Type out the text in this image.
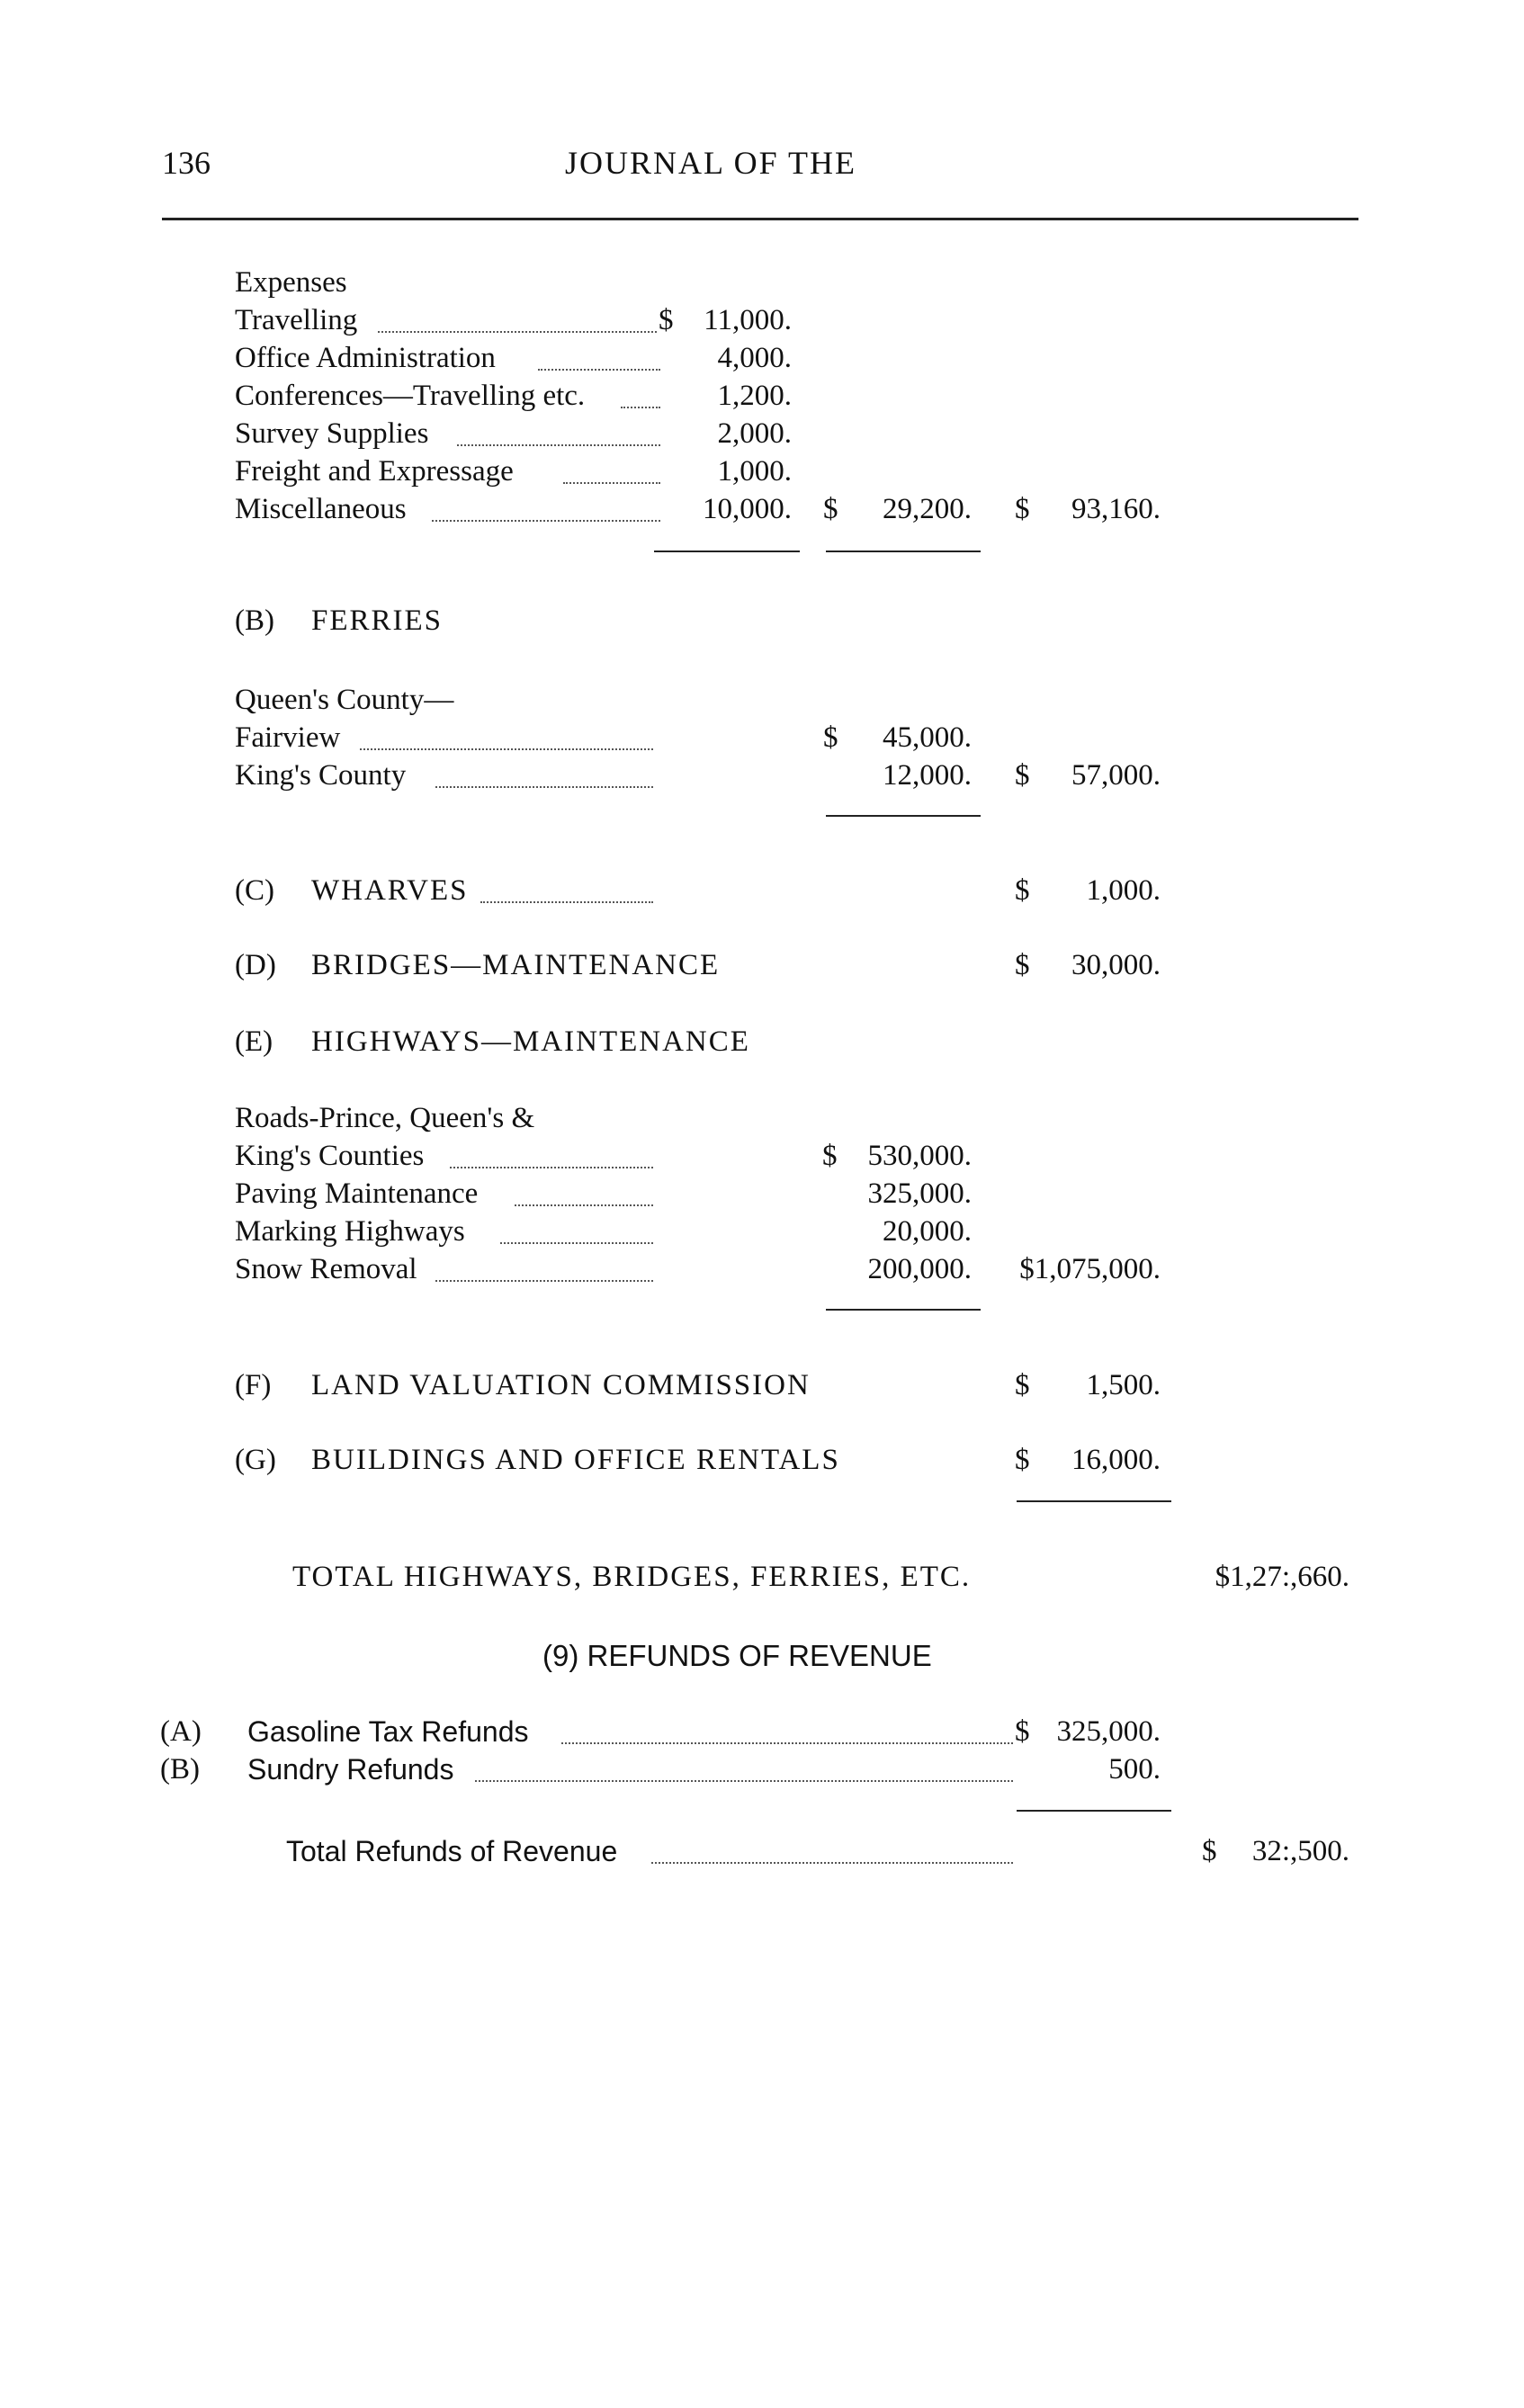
136	JOURNAL OF THE
Expenses
Travelling	$	11,000.
Office Administration	4,000.
Conferences—Travelling etc.	1,200.
Survey Supplies	2,000.
Freight and Expressage	1,000.
Miscellaneous	10,000. $	29,200. $	93,160.
(B) FERRIES
Queen's County—
Fairview	$	45,000.
King's County	12,000. $	57,000.
(C) WHARVES	$	1,000.
(D) BRIDGES—MAINTENANCE	$	30,000.
(E) HIGHWAYS—MAINTENANCE
Roads-Prince, Queen's &
King's Counties	$	530,000.
Paving Maintenance	325,000.
Marking Highways	20,000.
Snow Removal	200,000.	$1,075,000.
(F) LAND VALUATION COMMISSION	$	1,500.
(G) BUILDINGS AND OFFICE RENTALS	$	16,000.
TOTAL HIGHWAYS, BRIDGES, FERRIES, ETC.	$1,27:,660.
(9) REFUNDS OF REVENUE
(A) Gasoline Tax Refunds	$ 325,000.
(B) Sundry Refunds	500.
Total Refunds of Revenue	$	32:,500.
